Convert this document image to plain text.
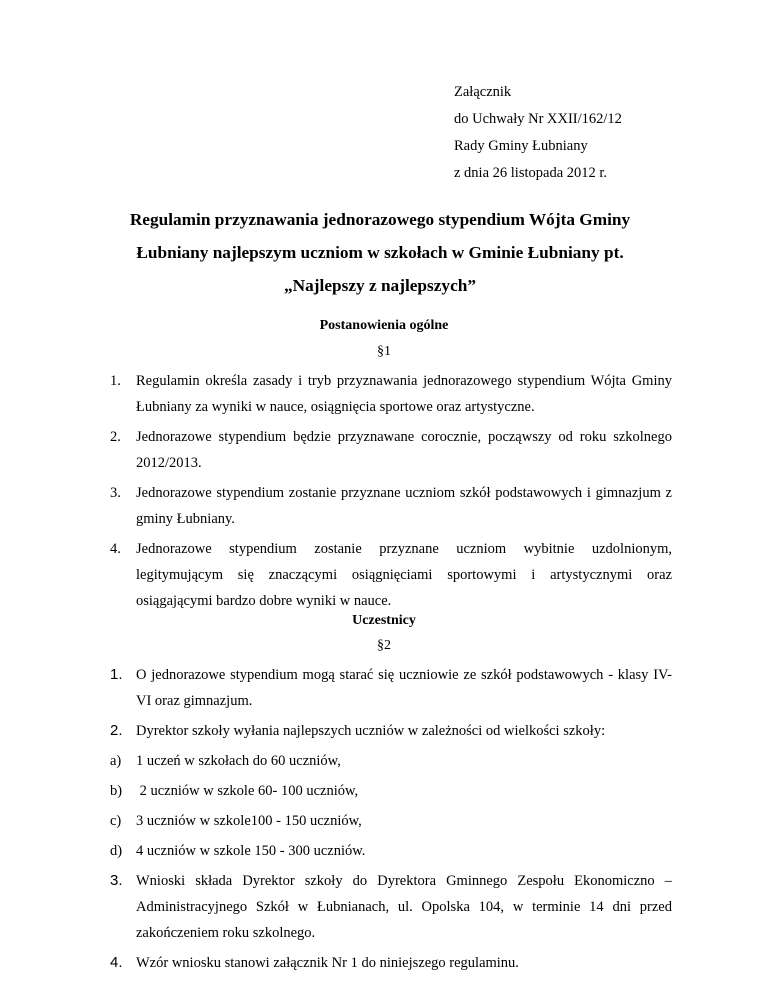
Załącznik
do Uchwały Nr XXII/162/12
Rady Gminy Łubniany
z dnia 26 listopada 2012 r.
Regulamin przyznawania jednorazowego stypendium Wójta Gminy
Łubniany najlepszym uczniom w szkołach w Gminie Łubniany pt.
„Najlepszy z najlepszych”
Postanowienia ogólne
§1
1. Regulamin określa zasady i tryb przyznawania jednorazowego stypendium Wójta Gminy Łubniany za wyniki w nauce, osiągnięcia sportowe oraz artystyczne.
2. Jednorazowe stypendium będzie przyznawane corocznie, począwszy od roku szkolnego 2012/2013.
3. Jednorazowe stypendium zostanie przyznane uczniom szkół podstawowych i gimnazjum z gminy Łubniany.
4. Jednorazowe stypendium zostanie przyznane uczniom wybitnie uzdolnionym, legitymującym się znaczącymi osiągnięciami sportowymi i artystycznymi oraz osiągającymi bardzo dobre wyniki w nauce.
Uczestnicy
§2
1. O jednorazowe stypendium mogą starać się uczniowie ze szkół podstawowych - klasy IV-VI oraz gimnazjum.
2. Dyrektor szkoły wyłania najlepszych uczniów w zależności od wielkości szkoły:
a) 1 uczeń w szkołach do 60 uczniów,
b) 2 uczniów w szkole 60- 100 uczniów,
c) 3 uczniów w szkole100 - 150 uczniów,
d) 4 uczniów w szkole 150 - 300 uczniów.
3. Wnioski składa Dyrektor szkoły do Dyrektora Gminnego Zespołu Ekonomiczno – Administracyjnego Szkół w Łubnianach, ul. Opolska 104, w terminie 14 dni przed zakończeniem roku szkolnego.
4. Wzór wniosku stanowi załącznik Nr 1 do niniejszego regulaminu.
